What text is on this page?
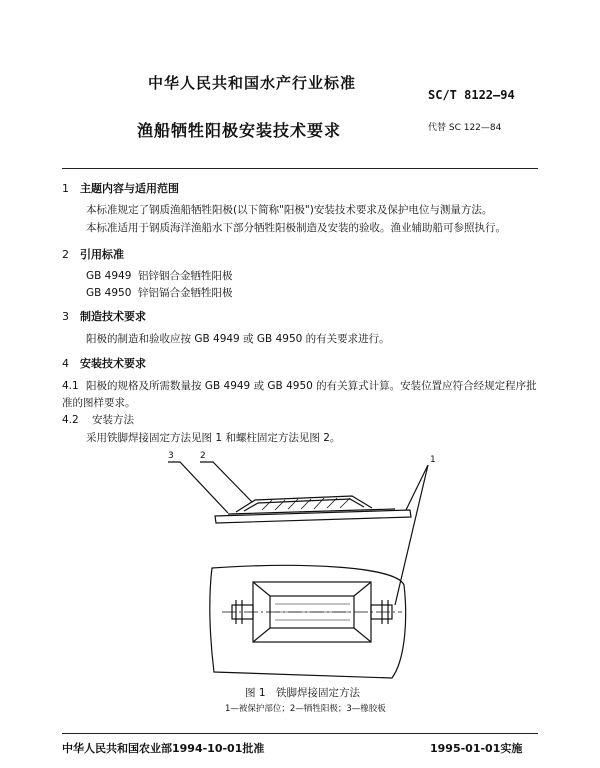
中华人民共和国水产行业标准
SC/T 8122—94
渔船牺牲阳极安装技术要求	代替 SC 122—84
1 主题内容与适用范围
本标准规定了钢质渔船牺牲阳极(以下简称"阳极")安装技术要求及保护电位与测量方法。
本标准适用于钢质海洋渔船水下部分牺牲阳极制造及安装的验收。渔业辅助船可参照执行。
2 引用标准
GB 4949 铝锌铟合金牺牲阳极
GB 4950 锌铝镉合金牺牲阳极
3 制造技术要求
阳极的制造和验收应按 GB 4949 或 GB 4950 的有关要求进行。
4 安装技术要求
4.1 阳极的规格及所需数量按 GB 4949 或 GB 4950 的有关算式计算。安装位置应符合经规定程序批
准的图样要求。
4.2 安装方法
采用铁脚焊接固定方法见图 1 和螺柱固定方法见图 2。
3	2	1
图 1　铁脚焊接固定方法
1—被保护部位；2—牺牲阳极；3—橡胶板
中华人民共和国农业部1994-10-01批准	1995-01-01实施
